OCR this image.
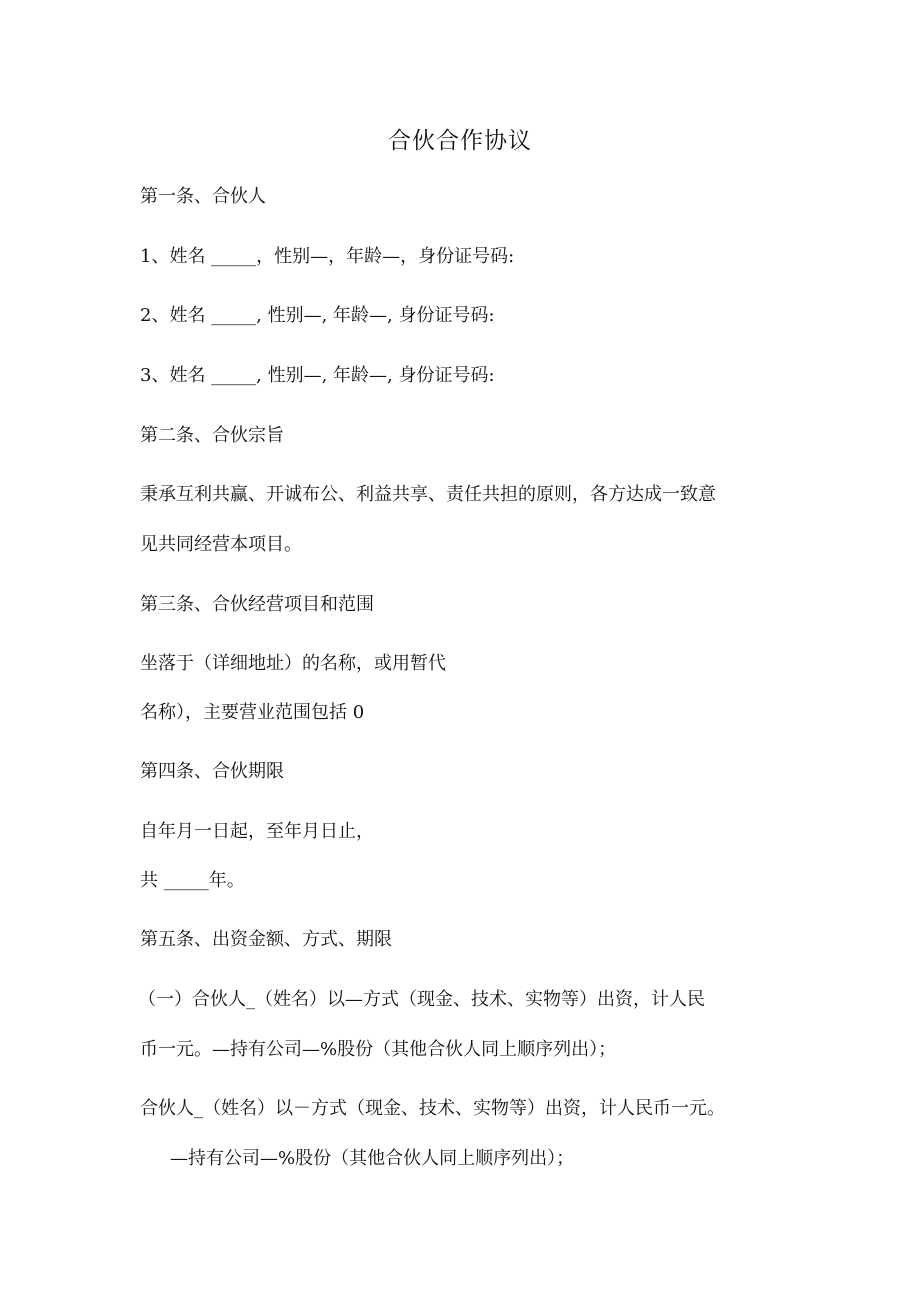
合伙合作协议
第一条、合伙人
1、姓名 _____，性别—，年龄—，身份证号码:
2、姓名 _____, 性别—, 年龄—, 身份证号码:
3、姓名 _____, 性别—, 年龄—, 身份证号码:
第二条、合伙宗旨
秉承互利共赢、开诚布公、利益共享、责任共担的原则，各方达成一致意
见共同经营本项目。
第三条、合伙经营项目和范围
坐落于（详细地址）的名称，或用暂代
名称），主要营业范围包括 0
第四条、合伙期限
自年月一日起，至年月日止，
共 _____年。
第五条、出资金额、方式、期限
（一）合伙人_（姓名）以—方式（现金、技术、实物等）出资，计人民
币一元。—持有公司—%股份（其他合伙人同上顺序列出）；
合伙人_（姓名）以－方式（现金、技术、实物等）出资，计人民币一元。
—持有公司—%股份（其他合伙人同上顺序列出）；
